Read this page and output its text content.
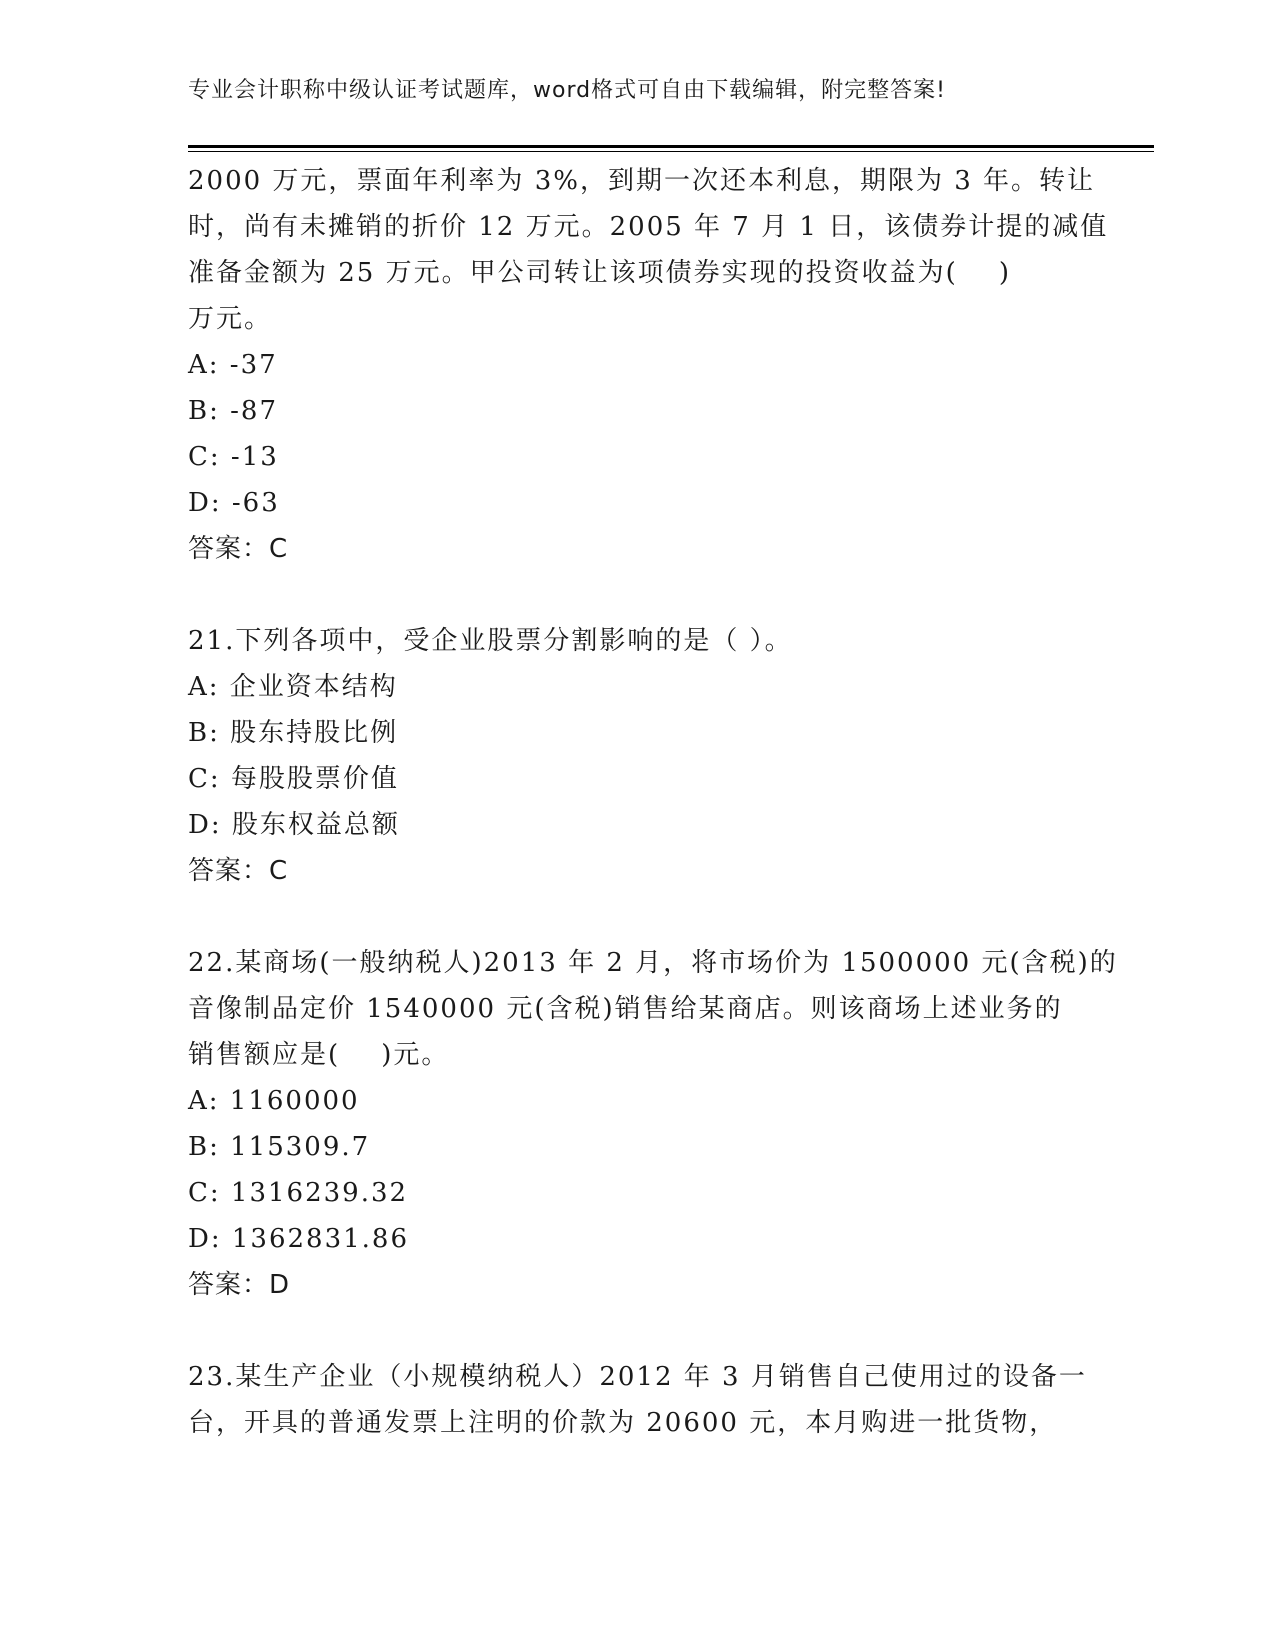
专业会计职称中级认证考试题库，word格式可自由下载编辑，附完整答案!
2000 万元，票面年利率为 3%，到期一次还本利息，期限为 3 年。转让
时，尚有未摊销的折价 12 万元。2005 年 7 月 1 日，该债券计提的减值
准备金额为 25 万元。甲公司转让该项债券实现的投资收益为(    )
万元。
A: -37
B: -87
C: -13
D: -63
答案：C
21.下列各项中，受企业股票分割影响的是（ ）。
A: 企业资本结构
B: 股东持股比例
C: 每股股票价值
D: 股东权益总额
答案：C
22.某商场(一般纳税人)2013 年 2 月，将市场价为 1500000 元(含税)的
音像制品定价 1540000 元(含税)销售给某商店。则该商场上述业务的
销售额应是(    )元。
A: 1160000
B: 115309.7
C: 1316239.32
D: 1362831.86
答案：D
23.某生产企业（小规模纳税人）2012 年 3 月销售自己使用过的设备一
台，开具的普通发票上注明的价款为 20600 元，本月购进一批货物，
